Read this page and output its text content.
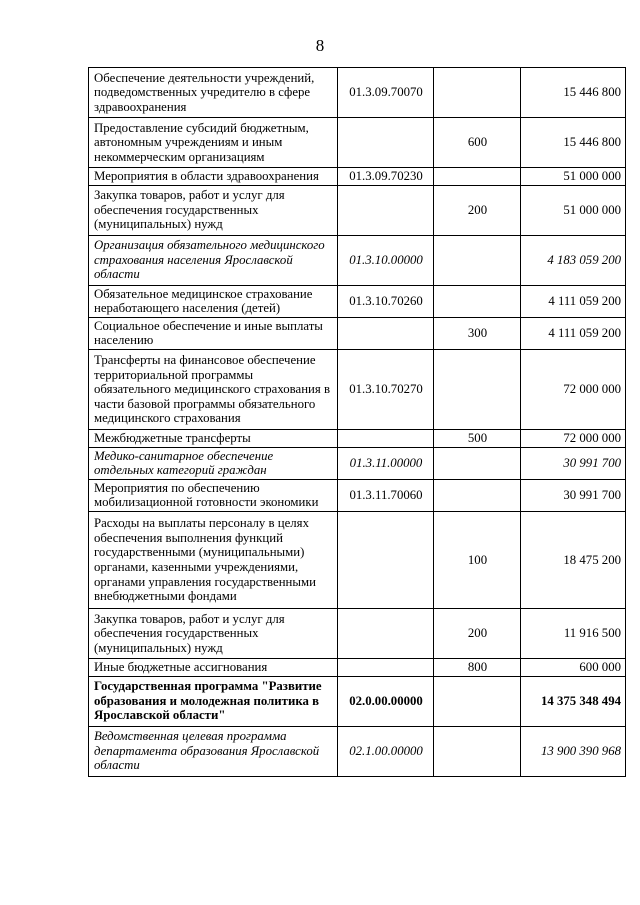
8
Обеспечение деятельности учреждений, подведомственных учредителю в сфере здравоохранения	01.3.09.70070		15 446 800
Предоставление субсидий бюджетным, автономным учреждениям и иным некоммерческим организациям		600	15 446 800
Мероприятия в области здравоохранения	01.3.09.70230		51 000 000
Закупка товаров, работ и услуг для обеспечения государственных (муниципальных) нужд		200	51 000 000
Организация обязательного медицинского страхования населения Ярославской области	01.3.10.00000		4 183 059 200
Обязательное медицинское страхование неработающего населения (детей)	01.3.10.70260		4 111 059 200
Социальное обеспечение и иные выплаты населению		300	4 111 059 200
Трансферты на финансовое обеспечение территориальной программы обязательного медицинского страхования в части базовой программы обязательного медицинского страхования	01.3.10.70270		72 000 000
Межбюджетные трансферты		500	72 000 000
Медико-санитарное обеспечение отдельных категорий граждан	01.3.11.00000		30 991 700
Мероприятия по обеспечению мобилизационной готовности экономики	01.3.11.70060		30 991 700
Расходы на выплаты персоналу в целях обеспечения выполнения функций государственными (муниципальными) органами, казенными учреждениями, органами управления государственными внебюджетными фондами		100	18 475 200
Закупка товаров, работ и услуг для обеспечения государственных (муниципальных) нужд		200	11 916 500
Иные бюджетные ассигнования		800	600 000
Государственная программа "Развитие образования и молодежная политика в Ярославской области"	02.0.00.00000		14 375 348 494
Ведомственная целевая программа департамента образования Ярославской области	02.1.00.00000		13 900 390 968
